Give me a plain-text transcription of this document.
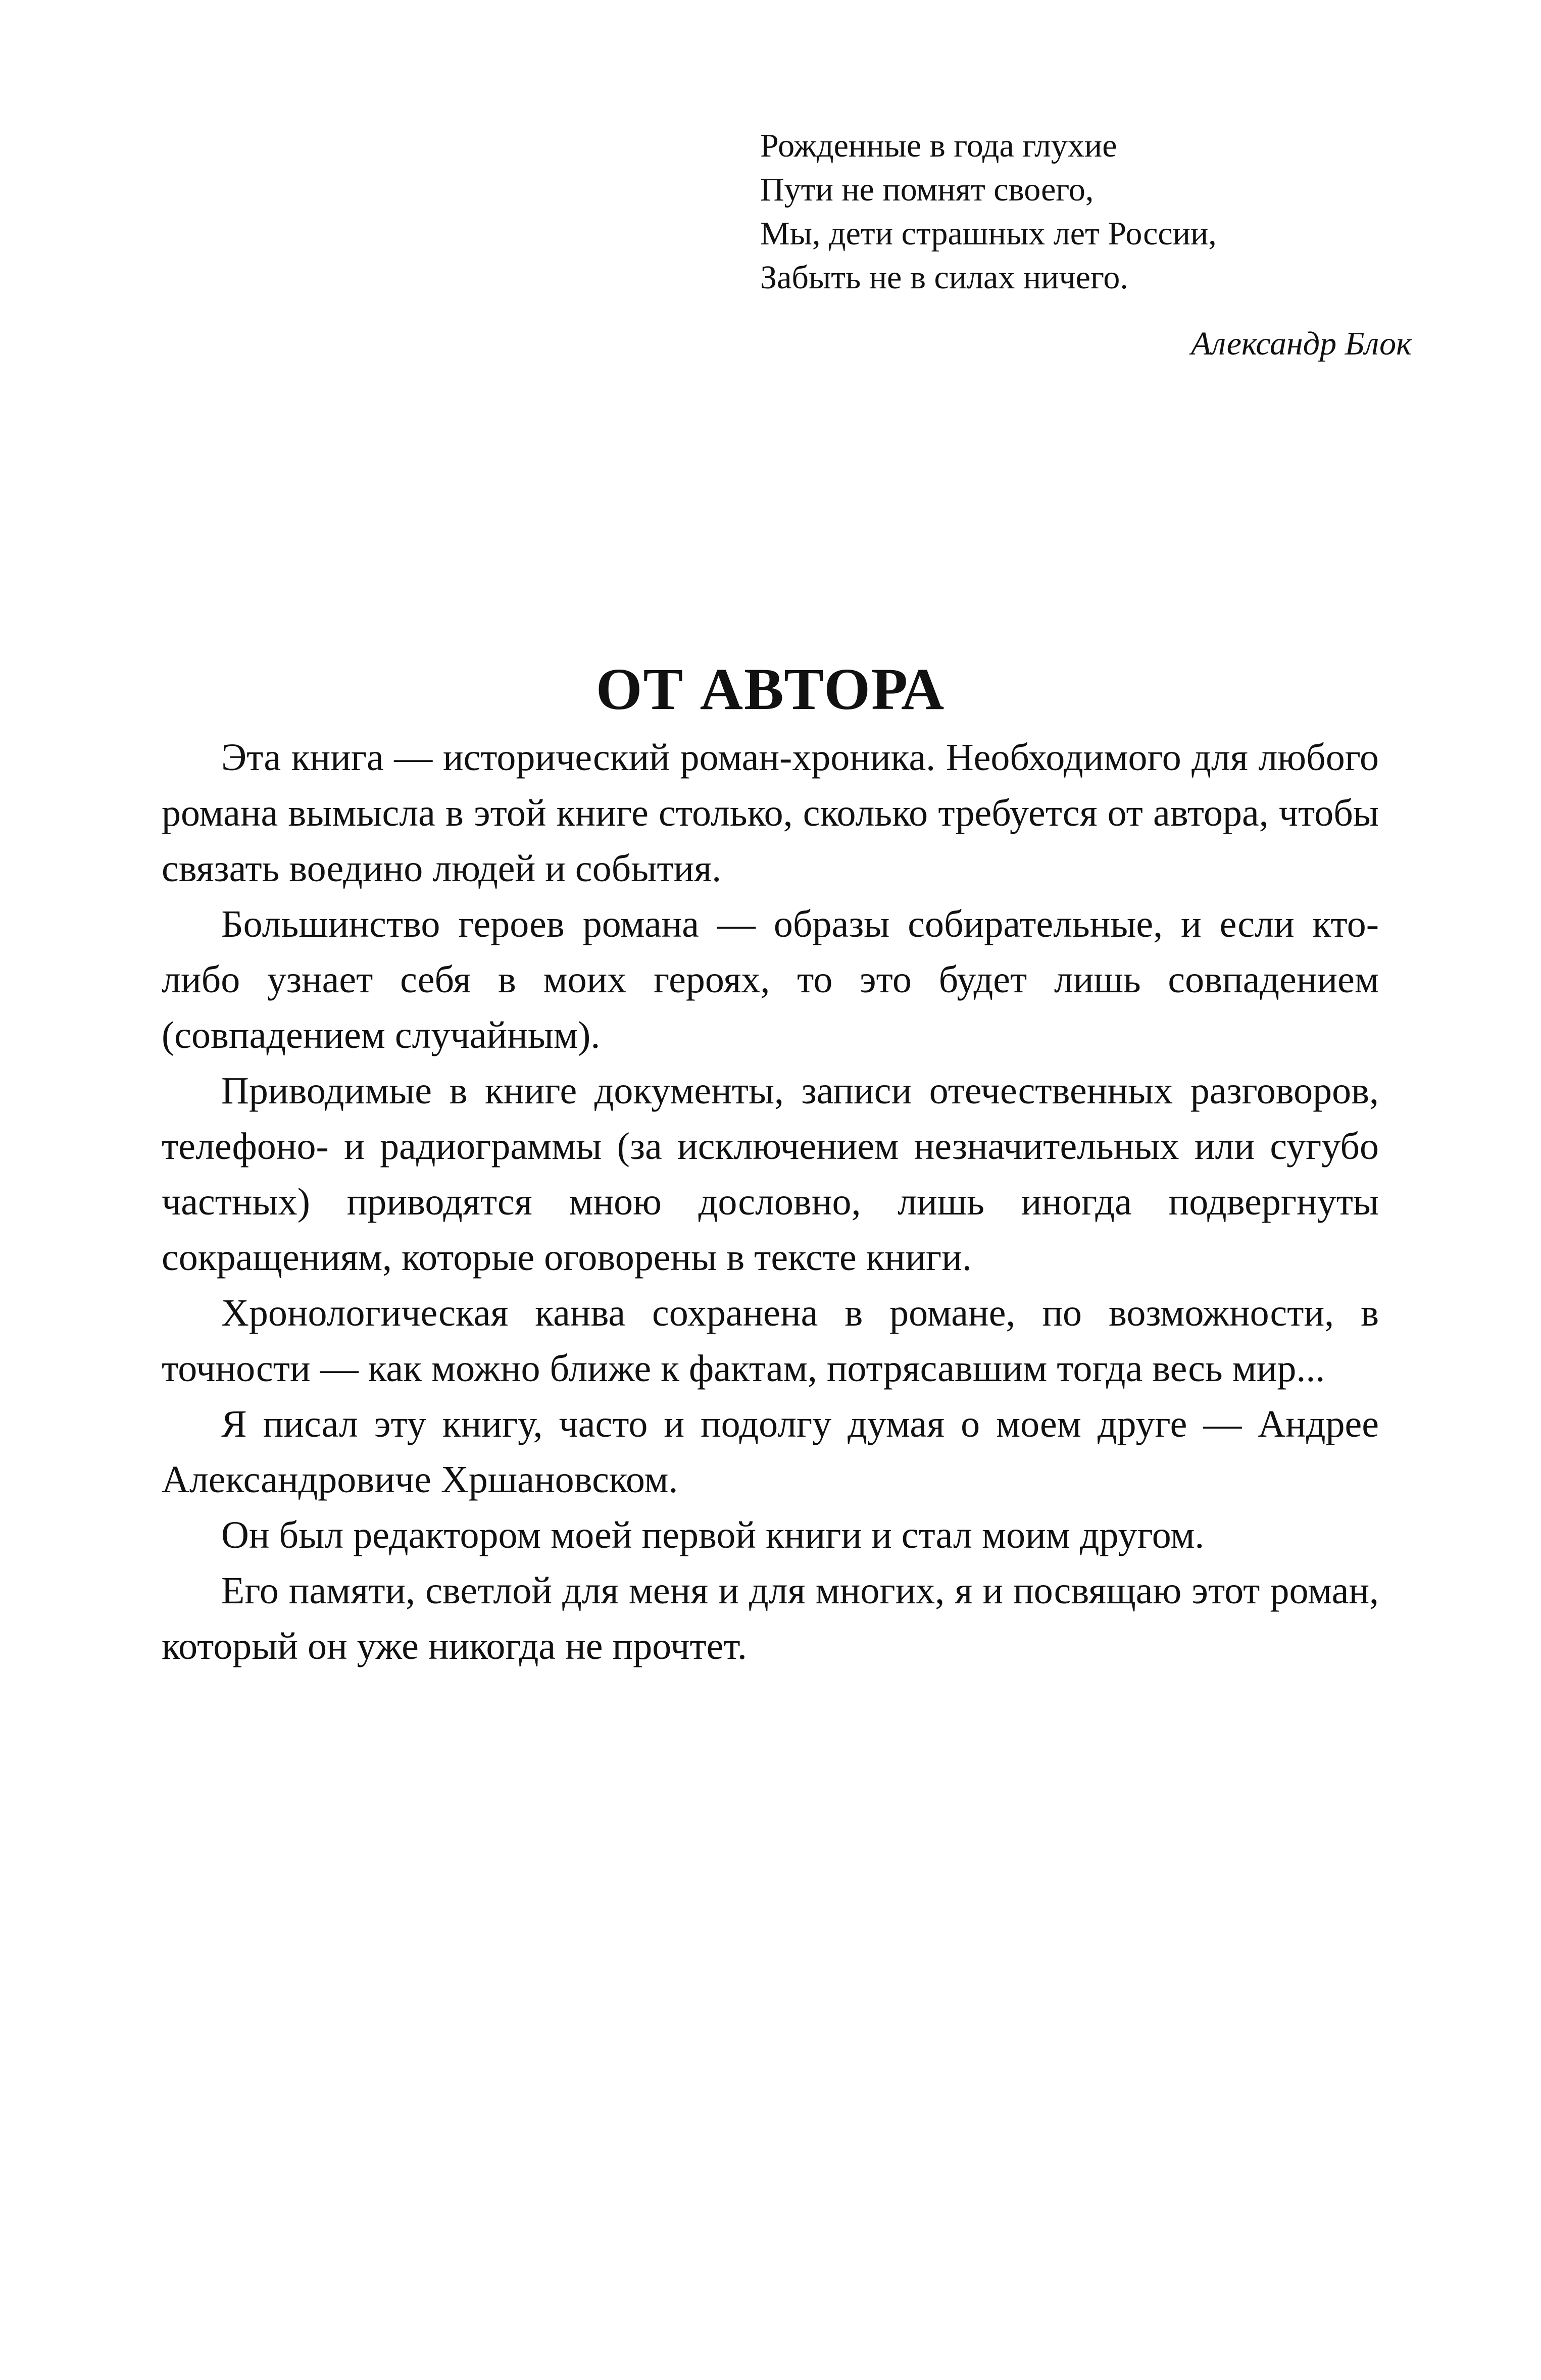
Рожденные в года глухие
Пути не помнят своего,
Мы, дети страшных лет России,
Забыть не в силах ничего.
Александр Блок
ОТ АВТОРА

Эта книга — исторический роман-хроника. Необходимого для любого романа вымысла в этой книге столько, сколько требуется от автора, чтобы связать воедино людей и события.

Большинство героев романа — образы собирательные, и если кто-либо узнает себя в моих героях, то это будет лишь совпадением (совпадением случайным).

Приводимые в книге документы, записи отечественных разговоров, телефоно- и радиограммы (за исключением незначительных или сугубо частных) приводятся мною дословно, лишь иногда подвергнуты сокращениям, которые оговорены в тексте книги.

Хронологическая канва сохранена в романе, по возможности, в точности — как можно ближе к фактам, потрясавшим тогда весь мир...

Я писал эту книгу, часто и подолгу думая о моем друге — Андрее Александровиче Хршановском.

Он был редактором моей первой книги и стал моим другом.

Его памяти, светлой для меня и для многих, я и посвящаю этот роман, который он уже никогда не прочтет.
